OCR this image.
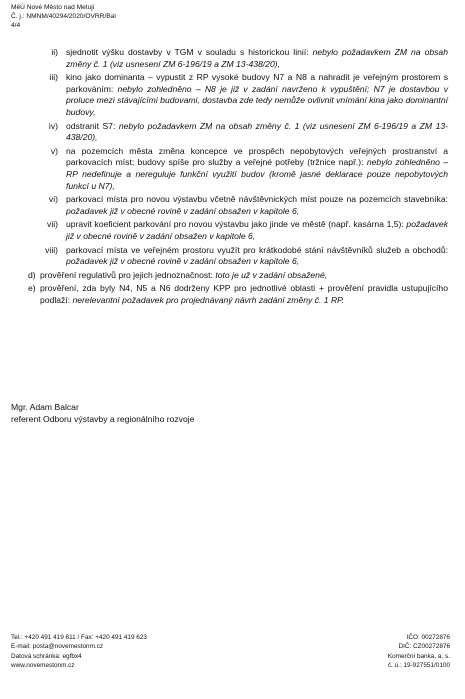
MěÚ Nové Město nad Metují
Č. j.: NMNM/40294/2020/OVRR/Bal
4/4
ii) sjednotit výšku dostavby v TGM v souladu s historickou linií: nebylo požadavkem ZM na obsah změny č. 1 (viz usnesení ZM 6-196/19 a ZM 13-438/20),
iii) kino jako dominanta – vypustit z RP vysoké budovy N7 a N8 a nahradit je veřejným prostorem s parkováním: nebylo zohledněno – N8 je již v zadání navrženo k vypuštění; N7 je dostavbou v proluce mezi stávajícími budovami, dostavba zde tedy nemůže ovlivnit vnímání kina jako dominantní budovy,
iv) odstranit S7: nebylo požadavkem ZM na obsah změny č. 1 (viz usnesení ZM 6-196/19 a ZM 13-438/20),
v) na pozemcích města změna koncepce ve prospěch nepobytových veřejných prostranství a parkovacích míst; budovy spíše pro služby a veřejné potřeby (tržnice např.): nebylo zohledněno – RP nedefinuje a nereguluje funkční využití budov (kromě jasné deklarace pouze nepobytových funkcí u N7),
vi) parkovací místa pro novou výstavbu včetně návštěvnických míst pouze na pozemcích stavebníka: požadavek již v obecné rovině v zadání obsažen v kapitole 6,
vii) upravit koeficient parkování pro novou výstavbu jako jinde ve městě (např. kasárna 1,5): požadavek již v obecné rovině v zadání obsažen v kapitole 6,
viii) parkovací místa ve veřejném prostoru využít pro krátkodobé stání návštěvníků služeb a obchodů: požadavek již v obecné rovině v zadání obsažen v kapitole 6,
d) prověření regulativů pro jejich jednoznačnost: toto je už v zadání obsažené,
e) prověření, zda byly N4, N5 a N6 dodrženy KPP pro jednotlivé oblasti + prověření pravidla ustupujícího podlaží: nerelevantní požadavek pro projednávaný návrh zadání změny č. 1 RP.
Mgr. Adam Balcar
referent Odboru výstavby a regionálního rozvoje
Tel.: +420 491 419 611 / Fax: +420 491 419 623
E-mail: posta@novemestonm.cz
Datová schránka: egfbx4
www.novemestonm.cz
IČO: 00272876
DIČ: CZ00272876
Komerční banka, a. s.
č. ú.: 19-927551/0100
